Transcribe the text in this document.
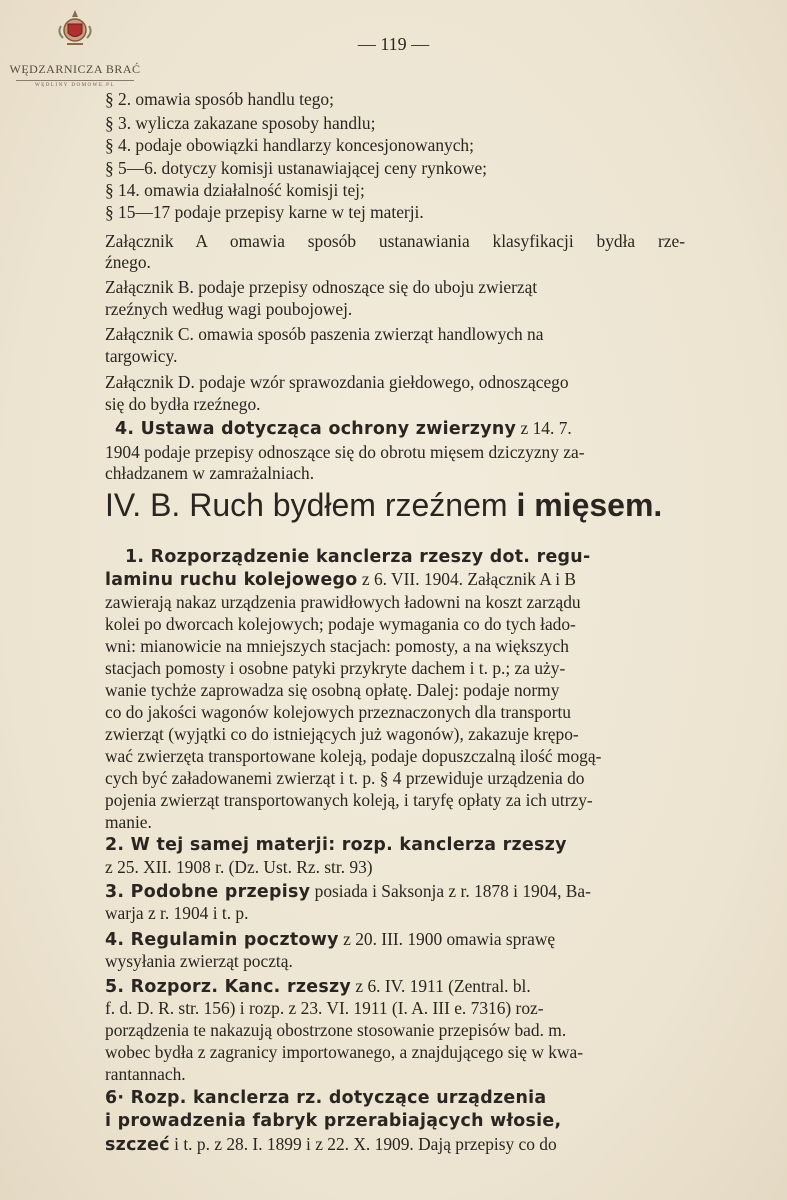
WĘDZARNICZA BRAĆ
WĘDLINY DOMOWE.PL
— 119 —
§ 2. omawia sposób handlu tego;
§ 3. wylicza zakazane sposoby handlu;
§ 4. podaje obowiązki handlarzy koncesjonowanych;
§ 5—6. dotyczy komisji ustanawiającej ceny rynkowe;
§ 14. omawia działalność komisji tej;
§ 15—17 podaje przepisy karne w tej materji.
Załącznik A omawia sposób ustanawiania klasyfikacji bydła rze-
źnego.
Załącznik B. podaje przepisy odnoszące się do uboju zwierząt
rzeźnych według wagi poubojowej.
Załącznik C. omawia sposób paszenia zwierząt handlowych na
targowicy.
Załącznik D. podaje wzór sprawozdania giełdowego, odnoszącego
się do bydła rzeźnego.
4. Ustawa dotycząca ochrony zwierzyny z 14. 7.
1904 podaje przepisy odnoszące się do obrotu mięsem dziczyzny za-
chładzanem w zamrażalniach.
IV. B. Ruch bydłem rzeźnem i mięsem.
1. Rozporządzenie kanclerza rzeszy dot. regu-
laminu ruchu kolejowego z 6. VII. 1904. Załącznik A i B
zawierają nakaz urządzenia prawidłowych ładowni na koszt zarządu
kolei po dworcach kolejowych; podaje wymagania co do tych łado-
wni: mianowicie na mniejszych stacjach: pomosty, a na większych
stacjach pomosty i osobne patyki przykryte dachem i t. p.; za uży-
wanie tychże zaprowadza się osobną opłatę. Dalej: podaje normy
co do jakości wagonów kolejowych przeznaczonych dla transportu
zwierząt (wyjątki co do istniejących już wagonów), zakazuje krępo-
wać zwierzęta transportowane koleją, podaje dopuszczalną ilość mogą-
cych być załadowanemi zwierząt i t. p. § 4 przewiduje urządzenia do
pojenia zwierząt transportowanych koleją, i taryfę opłaty za ich utrzy-
manie.
2. W tej samej materji: rozp. kanclerza rzeszy
z 25. XII. 1908 r. (Dz. Ust. Rz. str. 93)
3. Podobne przepisy posiada i Saksonja z r. 1878 i 1904, Ba-
warja z r. 1904 i t. p.
4. Regulamin pocztowy z 20. III. 1900 omawia sprawę
wysyłania zwierząt pocztą.
5. Rozporz. Kanc. rzeszy z 6. IV. 1911 (Zentral. bl.
f. d. D. R. str. 156) i rozp. z 23. VI. 1911 (I. A. III e. 7316) roz-
porządzenia te nakazują obostrzone stosowanie przepisów bad. m.
wobec bydła z zagranicy importowanego, a znajdującego się w kwa-
rantannach.
6· Rozp. kanclerza rz. dotyczące urządzenia
i prowadzenia fabryk przerabiających włosie,
szczeć i t. p. z 28. I. 1899 i z 22. X. 1909. Dają przepisy co do
